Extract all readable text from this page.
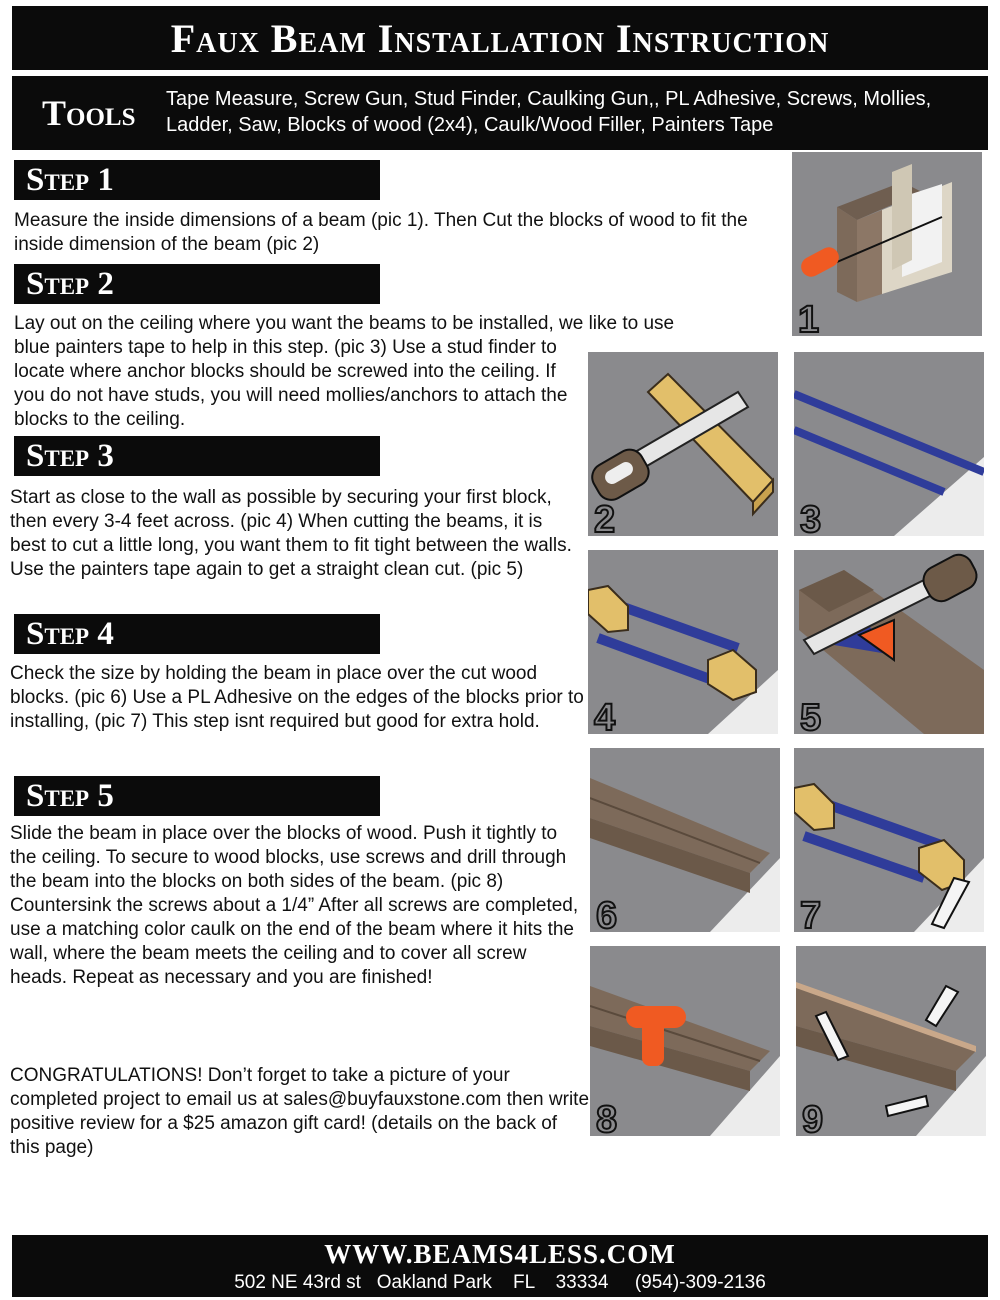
Faux Beam Installation Instruction
Tools Tape Measure, Screw Gun, Stud Finder, Caulking Gun,, PL Adhesive, Screws, Mollies, Ladder, Saw, Blocks of wood (2x4), Caulk/Wood Filler, Painters Tape
Step 1
Measure the inside dimensions of a beam (pic 1). Then Cut the blocks of wood to fit the inside dimension of the beam (pic 2)
Step 2
Lay out on the ceiling where you want the beams to be installed, we like to use
blue painters tape to help in this step. (pic 3) Use a stud finder to locate where anchor blocks should be screwed into the ceiling. If you do not have studs, you will need mollies/anchors to attach the blocks to the ceiling.
Step 3
Start as close to the wall as possible by securing your first block, then every 3-4 feet across. (pic 4) When cutting the beams, it is best to cut a little long, you want them to fit tight between the walls. Use the painters tape again to get a straight clean cut. (pic 5)
Step 4
Check the size by holding the beam in place over the cut wood blocks. (pic 6) Use a PL Adhesive on the edges of the blocks prior to installing, (pic 7) This step isnt required but good for extra hold.
Step 5
Slide the beam in place over the blocks of wood. Push it tightly to the ceiling. To secure to wood blocks, use screws and drill through the beam into the blocks on both sides of the beam. (pic 8) Countersink the screws about a 1/4” After all screws are completed, use a matching color caulk on the end of the beam where it hits the wall, where the beam meets the ceiling and to cover all screw heads. Repeat as necessary and you are finished!
CONGRATULATIONS! Don’t forget to take a picture of your completed project to email us at sales@buyfauxstone.com then write positive review for a $25 amazon gift card! (details on the back of this page)
1
2	3
4	5
6	7
8	9
WWW.BEAMS4LESS.COM
502 NE 43rd st   Oakland Park    FL    33334     (954)-309-2136
